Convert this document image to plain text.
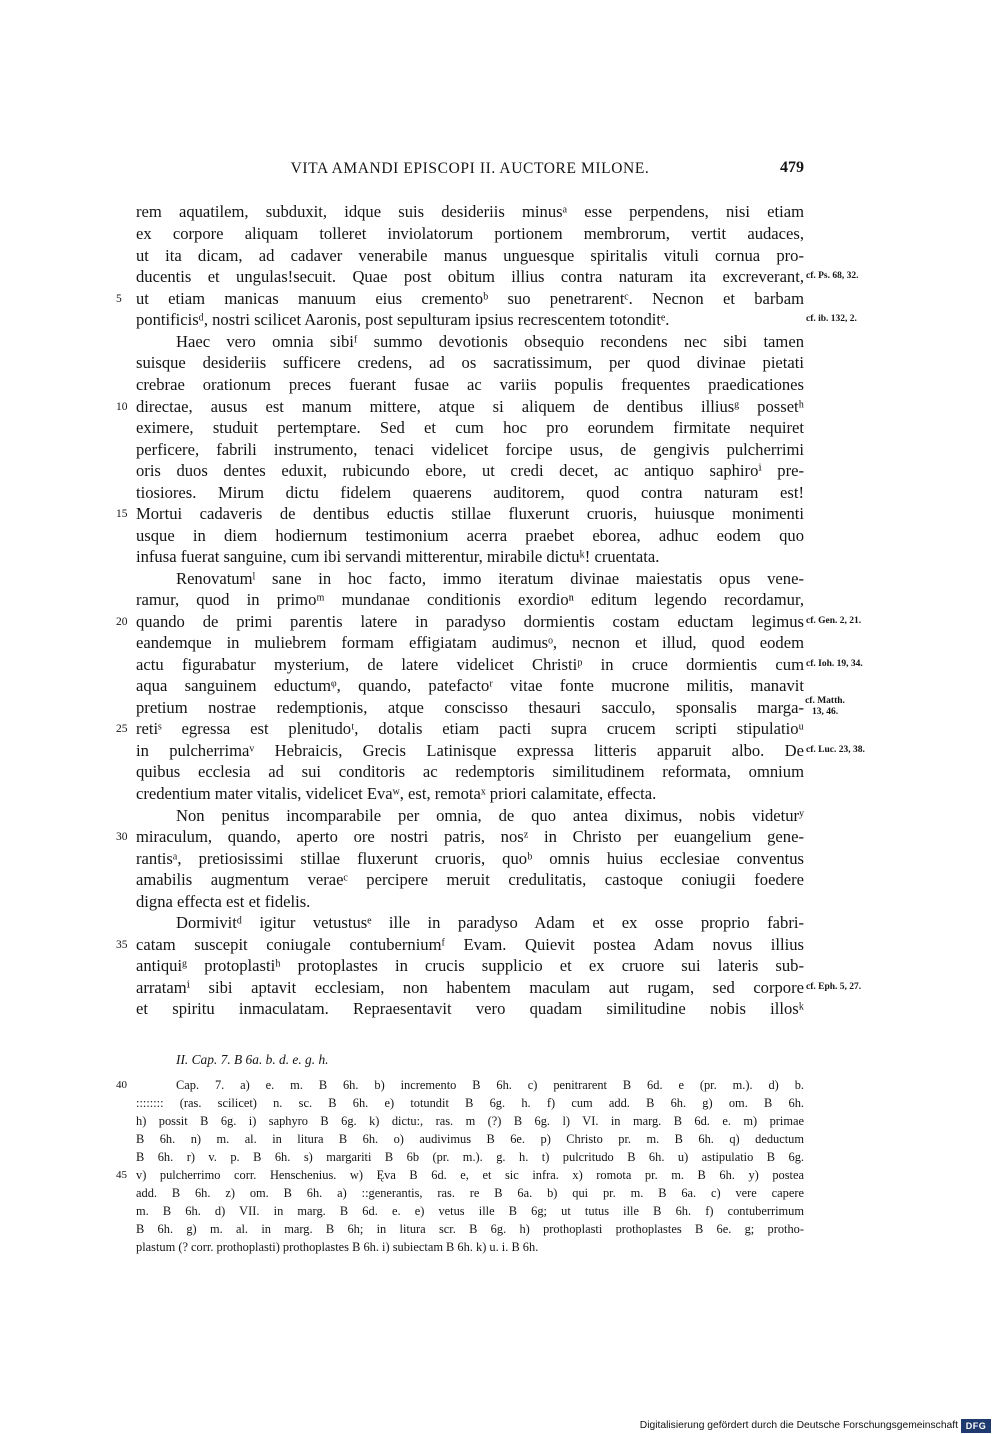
VITA AMANDI EPISCOPI II. AUCTORE MILONE.	479
rem aquatilem, subduxit, idque suis desideriis minusᵃ esse perpendens, nisi etiam
ex corpore aliquam tolleret inviolatorum portionem membrorum, vertit audaces,
ut ita dicam, ad cadaver venerabile manus unguesque spiritalis vituli cornua pro-
ducentis et ungulas!secuit. Quae post obitum illius contra naturam ita excreverant,
ut etiam manicas manuum eius crementoᵇ suo penetrarentᶜ. Necnon et barbam
pontificisᵈ, nostri scilicet Aaronis, post sepulturam ipsius recrescentem totonditᵉ.
Haec vero omnia sibiᶠ summo devotionis obsequio recondens nec sibi tamen
suisque desideriis sufficere credens, ad os sacratissimum, per quod divinae pietati
crebrae orationum preces fuerant fusae ac variis populis frequentes praedicationes
directae, ausus est manum mittere, atque si aliquem de dentibus illiusᵍ possetʰ
eximere, studuit pertemptare. Sed et cum hoc pro eorundem firmitate nequiret
perficere, fabrili instrumento, tenaci videlicet forcipe usus, de gengivis pulcherrimi
oris duos dentes eduxit, rubicundo ebore, ut credi decet, ac antiquo saphiroⁱ pre-
tiosiores. Mirum dictu fidelem quaerens auditorem, quod contra naturam est!
Mortui cadaveris de dentibus eductis stillae fluxerunt cruoris, huiusque monimenti
usque in diem hodiernum testimonium acerra praebet eborea, adhuc eodem quo
infusa fuerat sanguine, cum ibi servandi mitterentur, mirabile dictuᵏ! cruentata.
Renovatumˡ sane in hoc facto, immo iteratum divinae maiestatis opus vene-
ramur, quod in primoᵐ mundanae conditionis exordioⁿ editum legendo recordamur,
quando de primi parentis latere in paradyso dormientis costam eductam legimus
eandemque in muliebrem formam effigiatam audimusᵒ, necnon et illud, quod eodem
actu figurabatur mysterium, de latere videlicet Christiᵖ in cruce dormientis cum
aqua sanguinem eductumᵠ, quando, patefactoʳ vitae fonte mucrone militis, manavit
pretium nostrae redemptionis, atque conscisso thesauri sacculo, sponsalis marga-
retiˢ egressa est plenitudoᵗ, dotalis etiam pacti supra crucem scripti stipulatioᵘ
in pulcherrimaᵛ Hebraicis, Grecis Latinisque expressa litteris apparuit albo. De
quibus ecclesia ad sui conditoris ac redemptoris similitudinem reformata, omnium
credentium mater vitalis, videlicet Evaʷ, est, remotaˣ priori calamitate, effecta.
Non penitus incomparabile per omnia, de quo antea diximus, nobis videturʸ
miraculum, quando, aperto ore nostri patris, nosᶻ in Christo per euangelium gene-
rantisᵃ, pretiosissimi stillae fluxerunt cruoris, quoᵇ omnis huius ecclesiae conventus
amabilis augmentum veraeᶜ percipere meruit credulitatis, castoque coniugii foedere
digna effecta est et fidelis.
Dormivitᵈ igitur vetustusᵉ ille in paradyso Adam et ex osse proprio fabri-
catam suscepit coniugale contuberniumᶠ Evam. Quievit postea Adam novus illius
antiquiᵍ protoplastiʰ protoplastes in crucis supplicio et ex cruore sui lateris sub-
arratamⁱ sibi aptavit ecclesiam, non habentem maculam aut rugam, sed corpore
et spiritu inmaculatam. Repraesentavit vero quadam similitudine nobis illosᵏ
5
10
15
20
25
30
35
cf. Ps. 68, 32.
cf. ib. 132, 2.
cf. Gen. 2, 21.
cf. Ioh. 19, 34.
cf. Matth. 13, 46.
cf. Luc. 23, 38.
cf. Eph. 5, 27.
II. Cap. 7. B 6a. b. d. e. g. h.
40
45
Cap. 7. a) e. m. B 6h. b) incremento B 6h. c) penitrarent B 6d. e (pr. m.). d) b.
:::::::: (ras. scilicet) n. sc. B 6h. e) totundit B 6g. h. f) cum add. B 6h. g) om. B 6h.
h) possit B 6g. i) saphyro B 6g. k) dictu:, ras. m (?) B 6g. l) VI. in marg. B 6d. e. m) primae
B 6h. n) m. al. in litura B 6h. o) audivimus B 6e. p) Christo pr. m. B 6h. q) deductum
B 6h. r) v. p. B 6h. s) margariti B 6b (pr. m.). g. h. t) pulcritudo B 6h. u) astipulatio B 6g.
v) pulcherrimo corr. Henschenius. w) Ęva B 6d. e, et sic infra. x) romota pr. m. B 6h. y) postea
add. B 6h. z) om. B 6h. a) ::generantis, ras. re B 6a. b) qui pr. m. B 6a. c) vere capere
m. B 6h. d) VII. in marg. B 6d. e. e) vetus ille B 6g; ut tutus ille B 6h. f) contuberrimum
B 6h. g) m. al. in marg. B 6h; in litura scr. B 6g. h) prothoplasti prothoplastes B 6e. g; protho-
plastum (? corr. prothoplasti) prothoplastes B 6h. i) subiectam B 6h. k) u. i. B 6h.
Digitalisierung gefördert durch die Deutsche Forschungsgemeinschaft DFG
